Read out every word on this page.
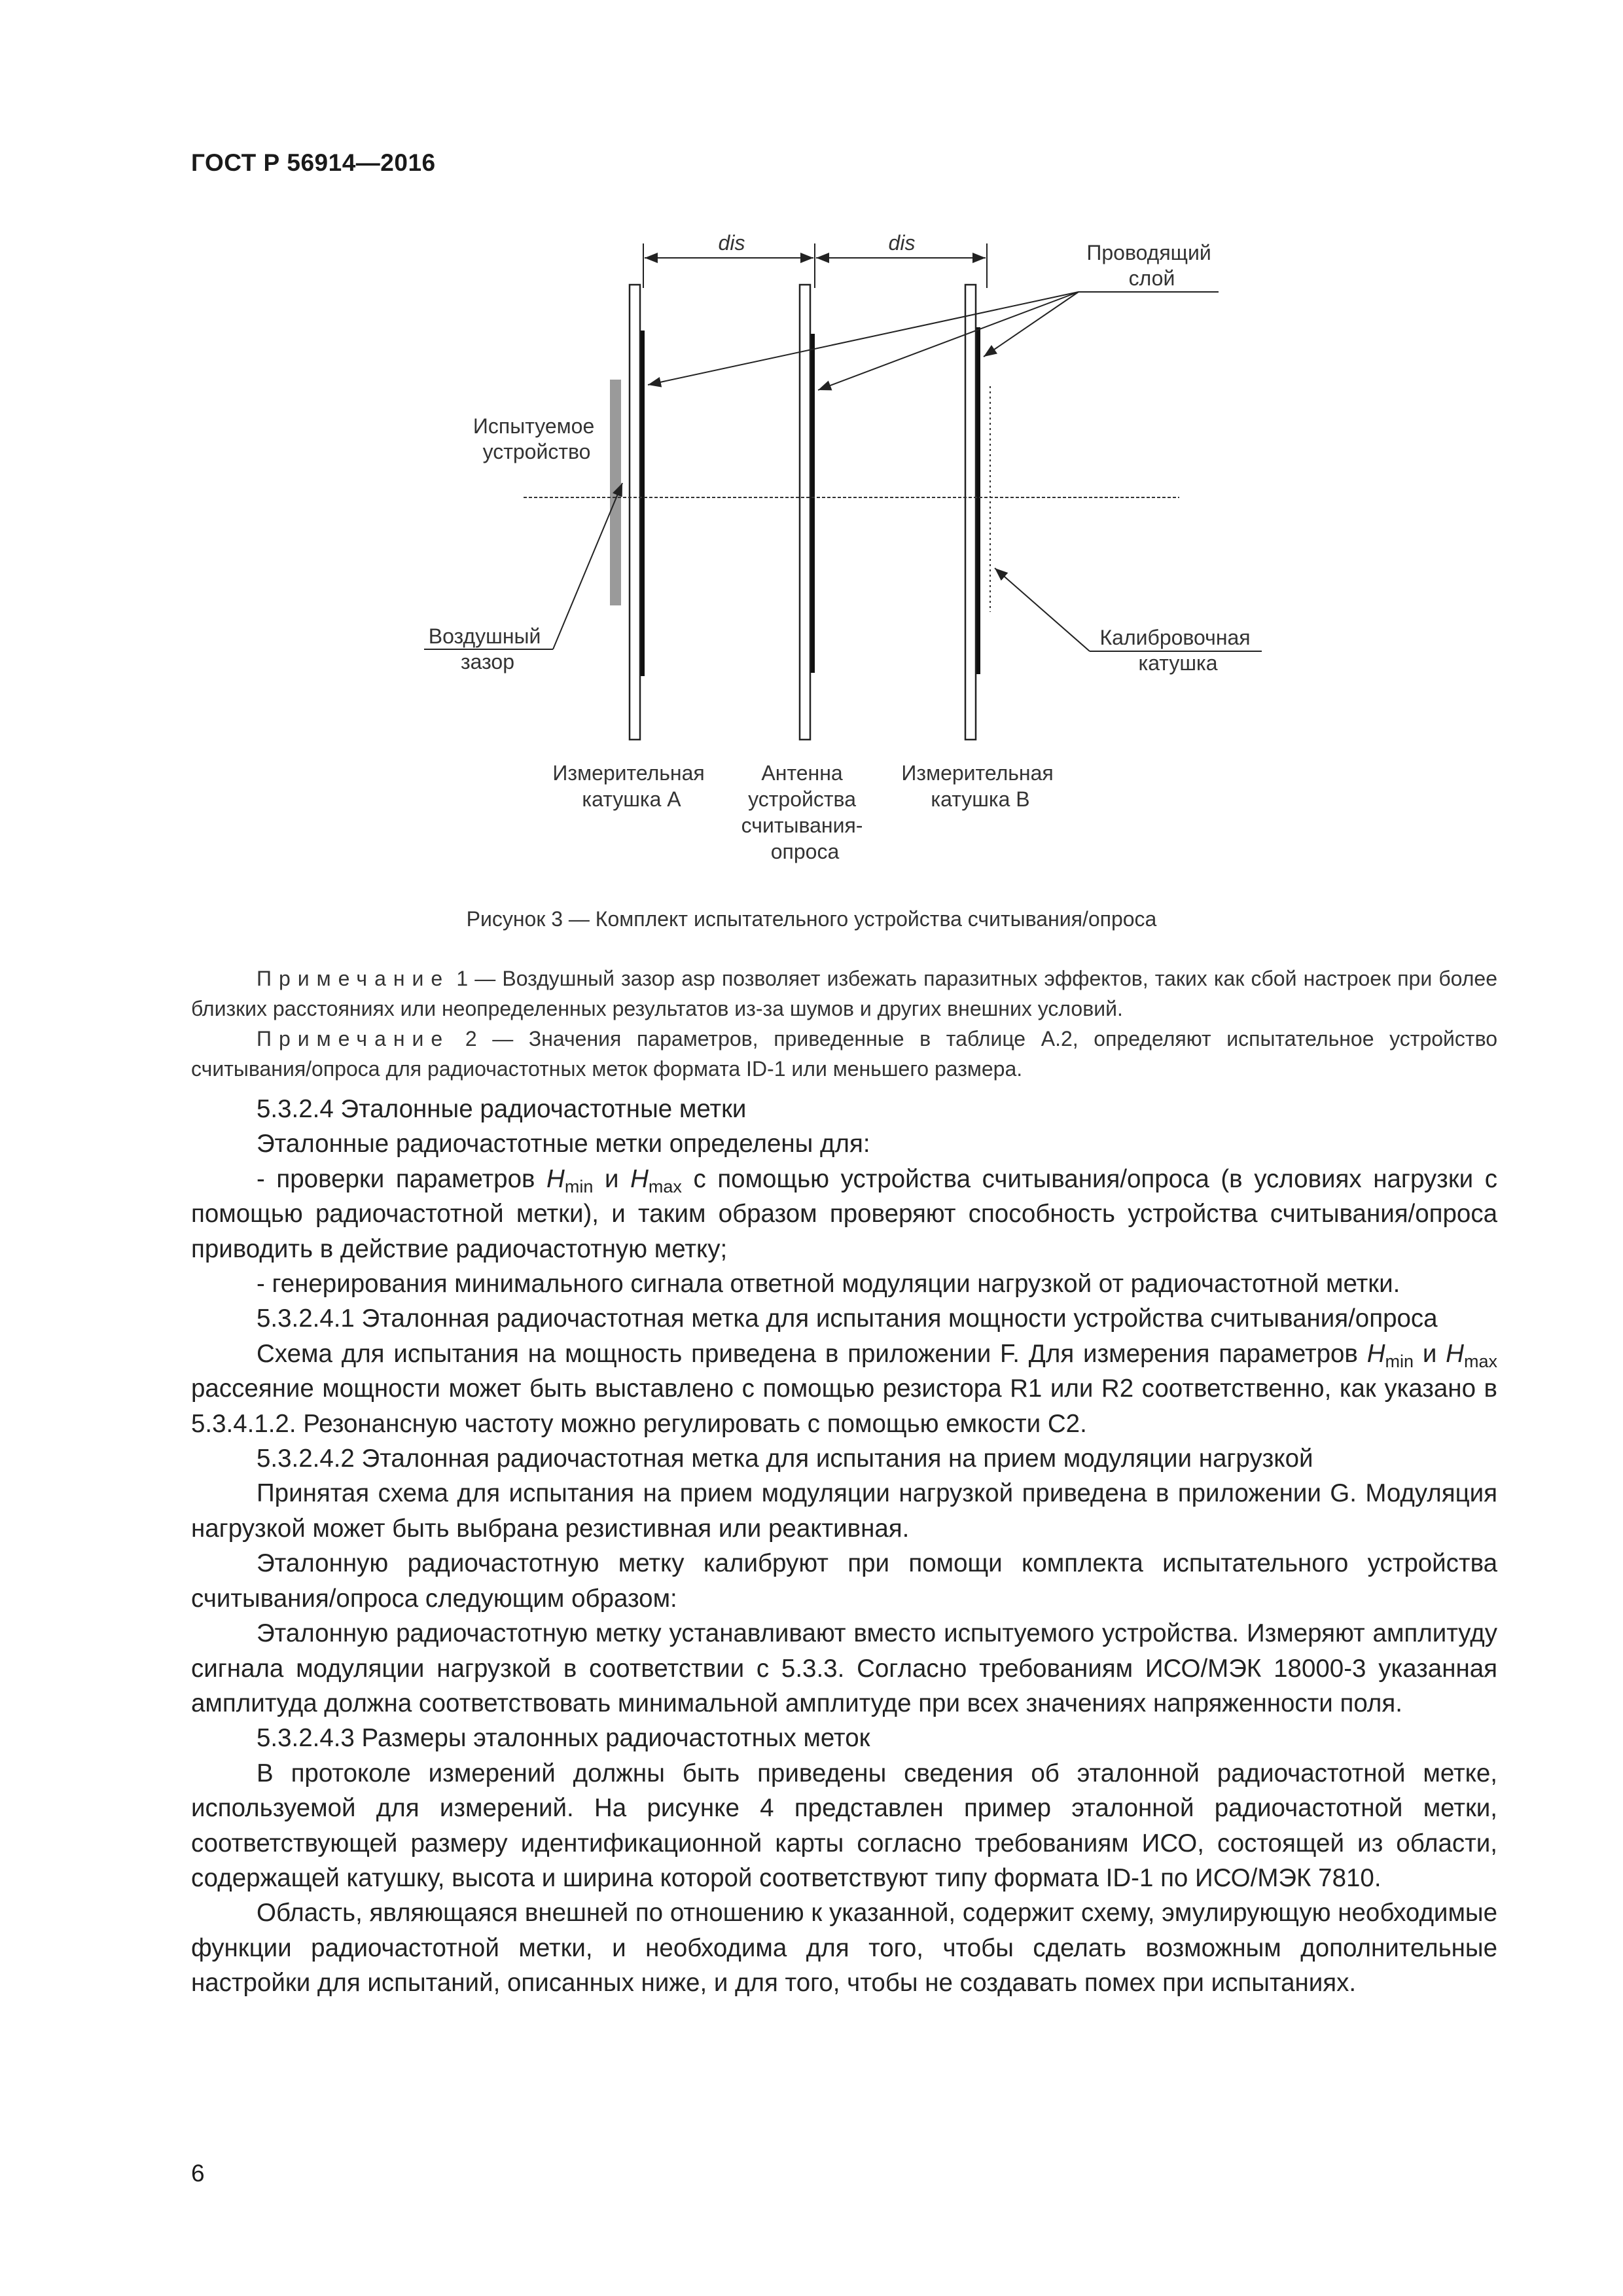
ГОСТ Р 56914—2016
dis	dis	Проводящий слой
Испытуемое устройство
Воздушный зазор
Калибровочная катушка
Измерительная катушка А
Антенна устройства считывания- опроса
Измерительная катушка В
Рисунок 3 — Комплект испытательного устройства считывания/опроса

Примечание 1 — Воздушный зазор asp позволяет избежать паразитных эффектов, таких как сбой настроек при более близких расстояниях или неопределенных результатов из-за шумов и других внешних условий.

Примечание 2 — Значения параметров, приведенные в таблице А.2, определяют испытательное устройство считывания/опроса для радиочастотных меток формата ID-1 или меньшего размера.

5.3.2.4 Эталонные радиочастотные метки

Эталонные радиочастотные метки определены для:

- проверки параметров $H_{min}$ и $H_{max}$ с помощью устройства считывания/опроса (в условиях нагрузки с помощью радиочастотной метки), и таким образом проверяют способность устройства считывания/опроса приводить в действие радиочастотную метку;

- генерирования минимального сигнала ответной модуляции нагрузкой от радиочастотной метки.

5.3.2.4.1 Эталонная радиочастотная метка для испытания мощности устройства считывания/опроса

Схема для испытания на мощность приведена в приложении F. Для измерения параметров $H_{min}$ и $H_{max}$ рассеяние мощности может быть выставлено с помощью резистора R1 или R2 соответственно, как указано в 5.3.4.1.2. Резонансную частоту можно регулировать с помощью емкости C2.

5.3.2.4.2 Эталонная радиочастотная метка для испытания на прием модуляции нагрузкой

Принятая схема для испытания на прием модуляции нагрузкой приведена в приложении G. Модуляция нагрузкой может быть выбрана резистивная или реактивная.

Эталонную радиочастотную метку калибруют при помощи комплекта испытательного устройства считывания/опроса следующим образом:

Эталонную радиочастотную метку устанавливают вместо испытуемого устройства. Измеряют амплитуду сигнала модуляции нагрузкой в соответствии с 5.3.3. Согласно требованиям ИСО/МЭК 18000-3 указанная амплитуда должна соответствовать минимальной амплитуде при всех значениях напряженности поля.

5.3.2.4.3 Размеры эталонных радиочастотных меток

В протоколе измерений должны быть приведены сведения об эталонной радиочастотной метке, используемой для измерений. На рисунке 4 представлен пример эталонной радиочастотной метки, соответствующей размеру идентификационной карты согласно требованиям ИСО, состоящей из области, содержащей катушку, высота и ширина которой соответствуют типу формата ID-1 по ИСО/МЭК 7810.

Область, являющаяся внешней по отношению к указанной, содержит схему, эмулирующую необходимые функции радиочастотной метки, и необходима для того, чтобы сделать возможным дополнительные настройки для испытаний, описанных ниже, и для того, чтобы не создавать помех при испытаниях.

6
